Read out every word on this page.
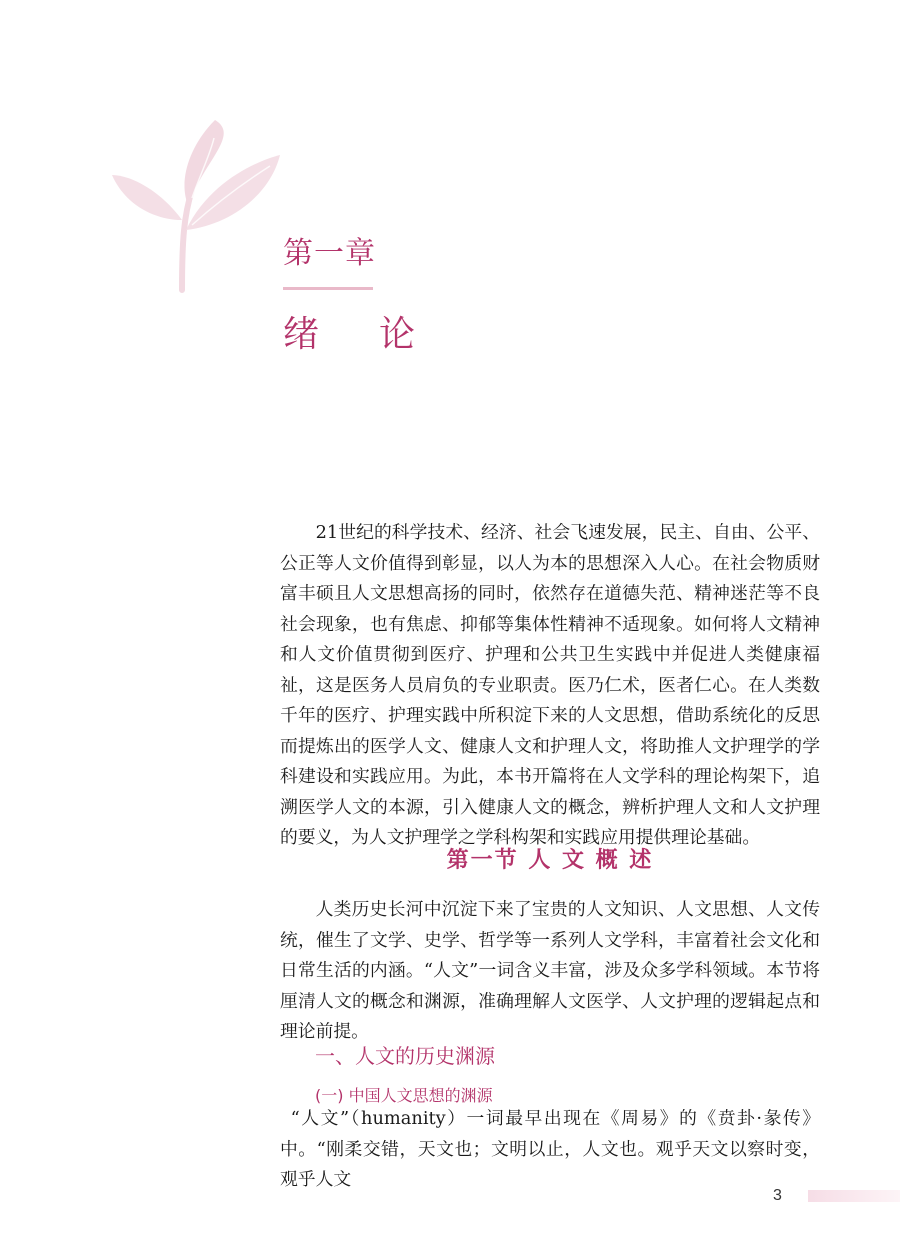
第一章
绪论

21世纪的科学技术、经济、社会飞速发展，民主、自由、公平、公正等人文价值得到彰显，以人为本的思想深入人心。在社会物质财富丰硕且人文思想高扬的同时，依然存在道德失范、精神迷茫等不良社会现象，也有焦虑、抑郁等集体性精神不适现象。如何将人文精神和人文价值贯彻到医疗、护理和公共卫生实践中并促进人类健康福祉，这是医务人员肩负的专业职责。医乃仁术，医者仁心。在人类数千年的医疗、护理实践中所积淀下来的人文思想，借助系统化的反思而提炼出的医学人文、健康人文和护理人文，将助推人文护理学的学科建设和实践应用。为此，本书开篇将在人文学科的理论构架下，追溯医学人文的本源，引入健康人文的概念，辨析护理人文和人文护理的要义，为人文护理学之学科构架和实践应用提供理论基础。

第一节 人 文 概 述

人类历史长河中沉淀下来了宝贵的人文知识、人文思想、人文传统，催生了文学、史学、哲学等一系列人文学科，丰富着社会文化和日常生活的内涵。“人文”一词含义丰富，涉及众多学科领域。本节将厘清人文的概念和渊源，准确理解人文医学、人文护理的逻辑起点和理论前提。

一、人文的历史渊源
(一) 中国人文思想的渊源

“人文”（humanity）一词最早出现在《周易》的《贲卦·彖传》中。“刚柔交错，天文也；文明以止，人文也。观乎天文以察时变，观乎人文

3
